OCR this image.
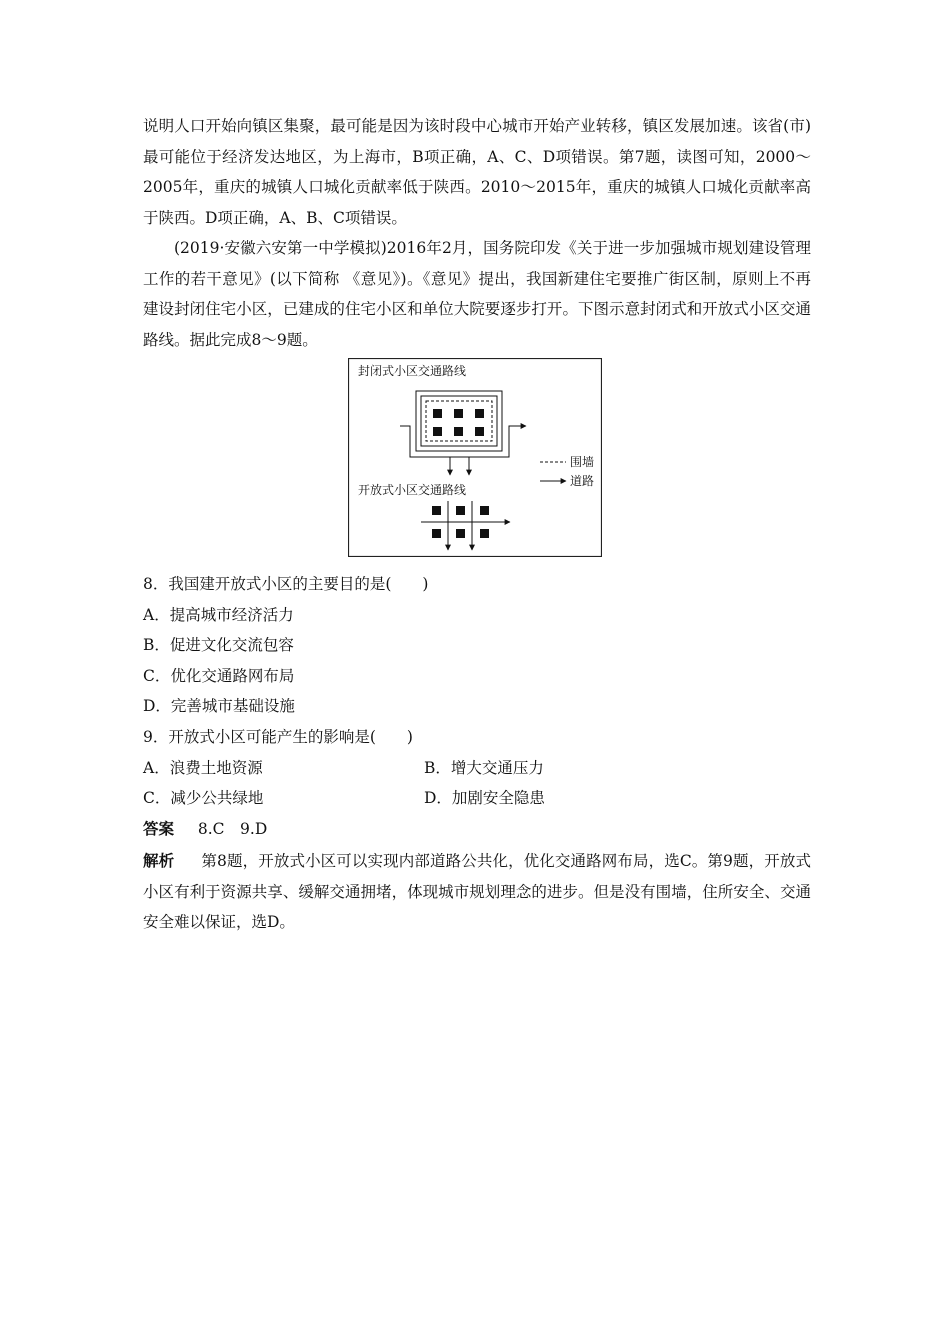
说明人口开始向镇区集聚，最可能是因为该时段中心城市开始产业转移，镇区发展加速。该省(市)最可能位于经济发达地区，为上海市，B项正确，A、C、D项错误。第7题，读图可知，2000～2005年，重庆的城镇人口城化贡献率低于陕西。2010～2015年，重庆的城镇人口城化贡献率高于陕西。D项正确，A、B、C项错误。
(2019·安徽六安第一中学模拟)2016年2月，国务院印发《关于进一步加强城市规划建设管理工作的若干意见》(以下简称 《意见》)。《意见》提出，我国新建住宅要推广街区制，原则上不再建设封闭住宅小区，已建成的住宅小区和单位大院要逐步打开。下图示意封闭式和开放式小区交通路线。据此完成8～9题。
封闭式小区交通路线
围墙
道路
开放式小区交通路线
8．我国建开放式小区的主要目的是(　　)
A．提高城市经济活力
B．促进文化交流包容
C．优化交通路网布局
D．完善城市基础设施
9．开放式小区可能产生的影响是(　　)
A．浪费土地资源	B．增大交通压力
C．减少公共绿地	D．加剧安全隐患
答案 8.C　9.D
解析 第8题，开放式小区可以实现内部道路公共化，优化交通路网布局，选C。第9题，开放式小区有利于资源共享、缓解交通拥堵，体现城市规划理念的进步。但是没有围墙，住所安全、交通安全难以保证，选D。
